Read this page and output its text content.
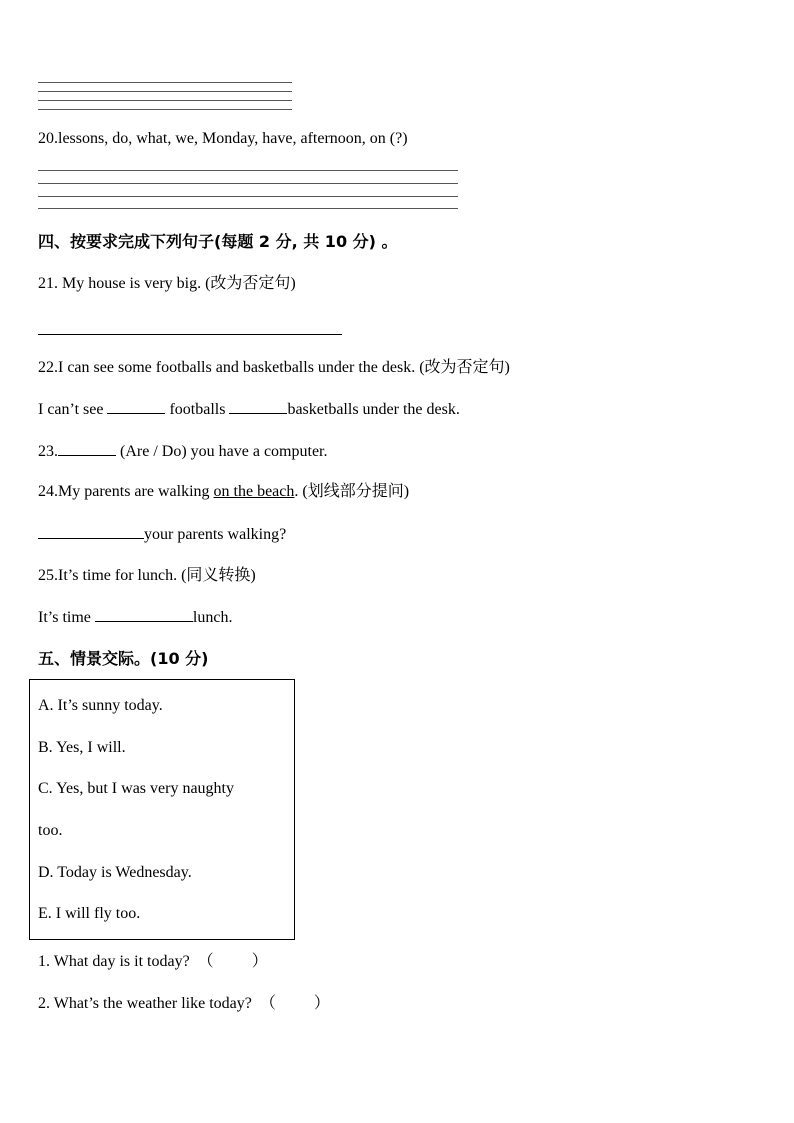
20.lessons, do, what, we, Monday, have, afternoon, on (?)
四、按要求完成下列句子(每题 2 分, 共 10 分) 。
21. My house is very big. (改为否定句)
22.I can see some footballs and basketballs under the desk. (改为否定句)
I can’t see	footballs	basketballs under the desk.
23.	(Are / Do) you have a computer.
24.My parents are walking on the beach. (划线部分提问)
your parents walking?
25.It’s time for lunch. (同义转换)
It’s time	lunch.
五、情景交际。(10 分)
A. It’s sunny today.
B. Yes, I will.
C. Yes, but I was very naughty
too.
D. Today is Wednesday.
E. I will fly too.
1. What day is it today? （ ）
2. What’s the weather like today? （ ）
